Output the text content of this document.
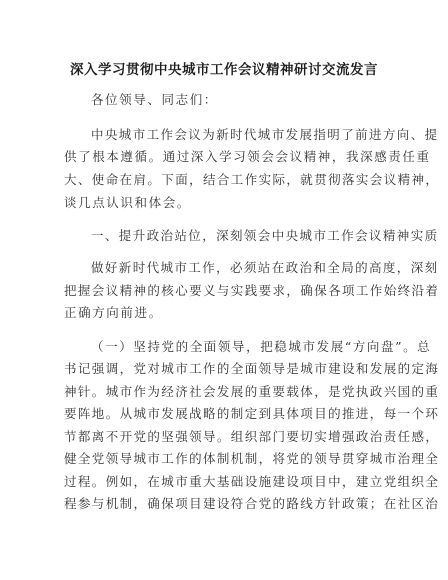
深入学习贯彻中央城市工作会议精神研讨交流发言
各位领导、同志们：
中央城市工作会议为新时代城市发展指明了前进方向、提
供了根本遵循。通过深入学习领会会议精神，我深感责任重
大、使命在肩。下面，结合工作实际，就贯彻落实会议精神，
谈几点认识和体会。
一、提升政治站位，深刻领会中央城市工作会议精神实质
做好新时代城市工作，必须站在政治和全局的高度，深刻
把握会议精神的核心要义与实践要求，确保各项工作始终沿着
正确方向前进。
（一）坚持党的全面领导，把稳城市发展“方向盘”。总
书记强调，党对城市工作的全面领导是城市建设和发展的定海
神针。城市作为经济社会发展的重要载体，是党执政兴国的重
要阵地。从城市发展战略的制定到具体项目的推进，每一个环
节都离不开党的坚强领导。组织部门要切实增强政治责任感，
健全党领导城市工作的体制机制，将党的领导贯穿城市治理全
过程。例如，在城市重大基础设施建设项目中，建立党组织全
程参与机制，确保项目建设符合党的路线方针政策；在社区治
